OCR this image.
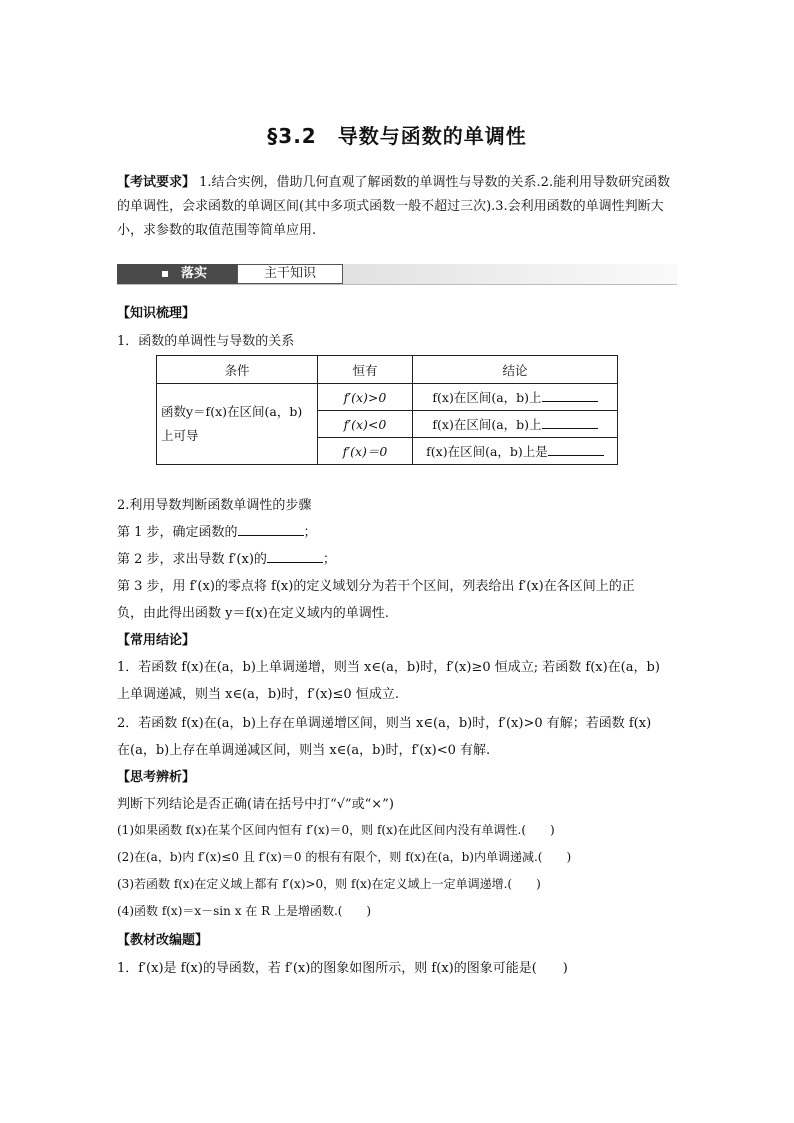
§3.2　导数与函数的单调性
【考试要求】 1.结合实例，借助几何直观了解函数的单调性与导数的关系.2.能利用导数研究函数的单调性，会求函数的单调区间(其中多项式函数一般不超过三次).3.会利用函数的单调性判断大小，求参数的取值范围等简单应用.
落实	主干知识
【知识梳理】
1．函数的单调性与导数的关系
条件	恒有	结论
函数y＝f(x)在区间(a，b)上可导	f′(x)>0	f(x)在区间(a，b)上
	f′(x)<0	f(x)在区间(a，b)上
	f′(x)＝0	f(x)在区间(a，b)上是
2.利用导数判断函数单调性的步骤
第 1 步，确定函数的	；
第 2 步，求出导数 f′(x)的	；
第 3 步，用 f′(x)的零点将 f(x)的定义域划分为若干个区间，列表给出 f′(x)在各区间上的正
负，由此得出函数 y＝f(x)在定义域内的单调性.
【常用结论】
1．若函数 f(x)在(a，b)上单调递增，则当 x∈(a，b)时，f′(x)≥0 恒成立; 若函数 f(x)在(a，b)
上单调递减，则当 x∈(a，b)时，f′(x)≤0 恒成立.
2．若函数 f(x)在(a，b)上存在单调递增区间，则当 x∈(a，b)时，f′(x)>0 有解；若函数 f(x)
在(a，b)上存在单调递减区间，则当 x∈(a，b)时，f′(x)<0 有解.
【思考辨析】
判断下列结论是否正确(请在括号中打“√”或“×”)
(1)如果函数 f(x)在某个区间内恒有 f′(x)＝0，则 f(x)在此区间内没有单调性.(　　)
(2)在(a，b)内 f′(x)≤0 且 f′(x)＝0 的根有有限个，则 f(x)在(a，b)内单调递减.(　　)
(3)若函数 f(x)在定义域上都有 f′(x)>0，则 f(x)在定义域上一定单调递增.(　　)
(4)函数 f(x)＝x－sin x 在 R 上是增函数.(　　)
【教材改编题】
1．f′(x)是 f(x)的导函数，若 f′(x)的图象如图所示，则 f(x)的图象可能是(　　)
